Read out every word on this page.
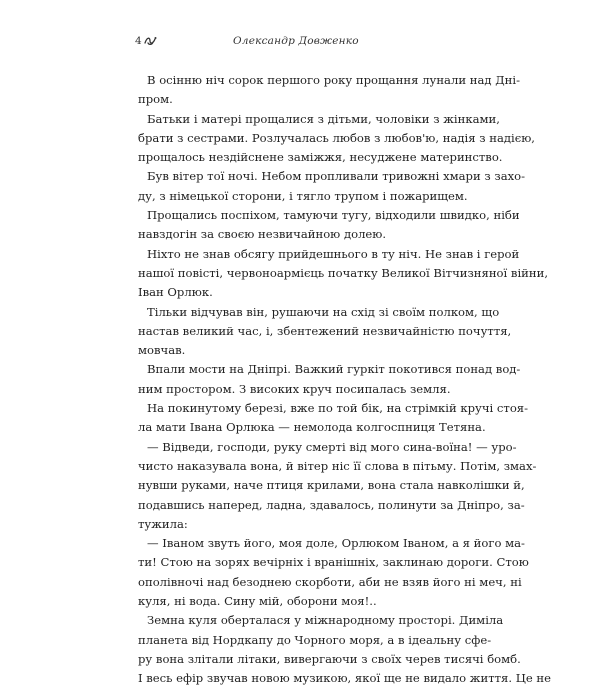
4	Олександр Довженко
В осінню ніч сорок першого року прощання лунали над Дні-
пром.
Батьки і матері прощалися з дітьми, чоловіки з жінками,
брати з сестрами. Розлучалась любов з любов'ю, надія з надією,
прощалось нездійснене заміжжя, несуджене материнство.
Був вітер тої ночі. Небом пропливали тривожні хмари з захо-
ду, з німецької сторони, і тягло трупом і пожарищем.
Прощались поспіхом, тамуючи тугу, відходили швидко, ніби
навздогін за своєю незвичайною долею.
Ніхто не знав обсягу прийдешнього в ту ніч. Не знав і герой
нашої повісті, червоноармієць початку Великої Вітчизняної війни,
Іван Орлюк.
Тільки відчував він, рушаючи на схід зі своїм полком, що
настав великий час, і, збентежений незвичайністю почуття,
мовчав.
Впали мости на Дніпрі. Важкий гуркіт покотився понад вод-
ним простором. З високих круч посипалась земля.
На покинутому березі, вже по той бік, на стрімкій кручі стоя-
ла мати Івана Орлюка — немолода колгоспниця Тетяна.
— Відведи, господи, руку смерті від мого сина-воїна! — уро-
чисто наказувала вона, й вітер ніс її слова в пітьму. Потім, змах-
нувши руками, наче птиця крилами, вона стала навколішки й,
подавшись наперед, ладна, здавалось, полинути за Дніпро, за-
тужила:
— Іваном звуть його, моя доле, Орлюком Іваном, а я його ма-
ти! Стою на зорях вечірніх і вранішніх, заклинаю дороги. Стою
ополівночі над безоднею скорботи, аби не взяв його ні меч, ні
куля, ні вода. Сину мій, оборони моя!..
Земна куля оберталася у міжнародному просторі. Диміла
планета від Нордкапу до Чорного моря, а в ідеальну сфе-
ру вона злітали літаки, вивергаючи з своїх черев тисячі бомб.
І весь ефір звучав новою музикою, якої ще не видало життя. Це не
